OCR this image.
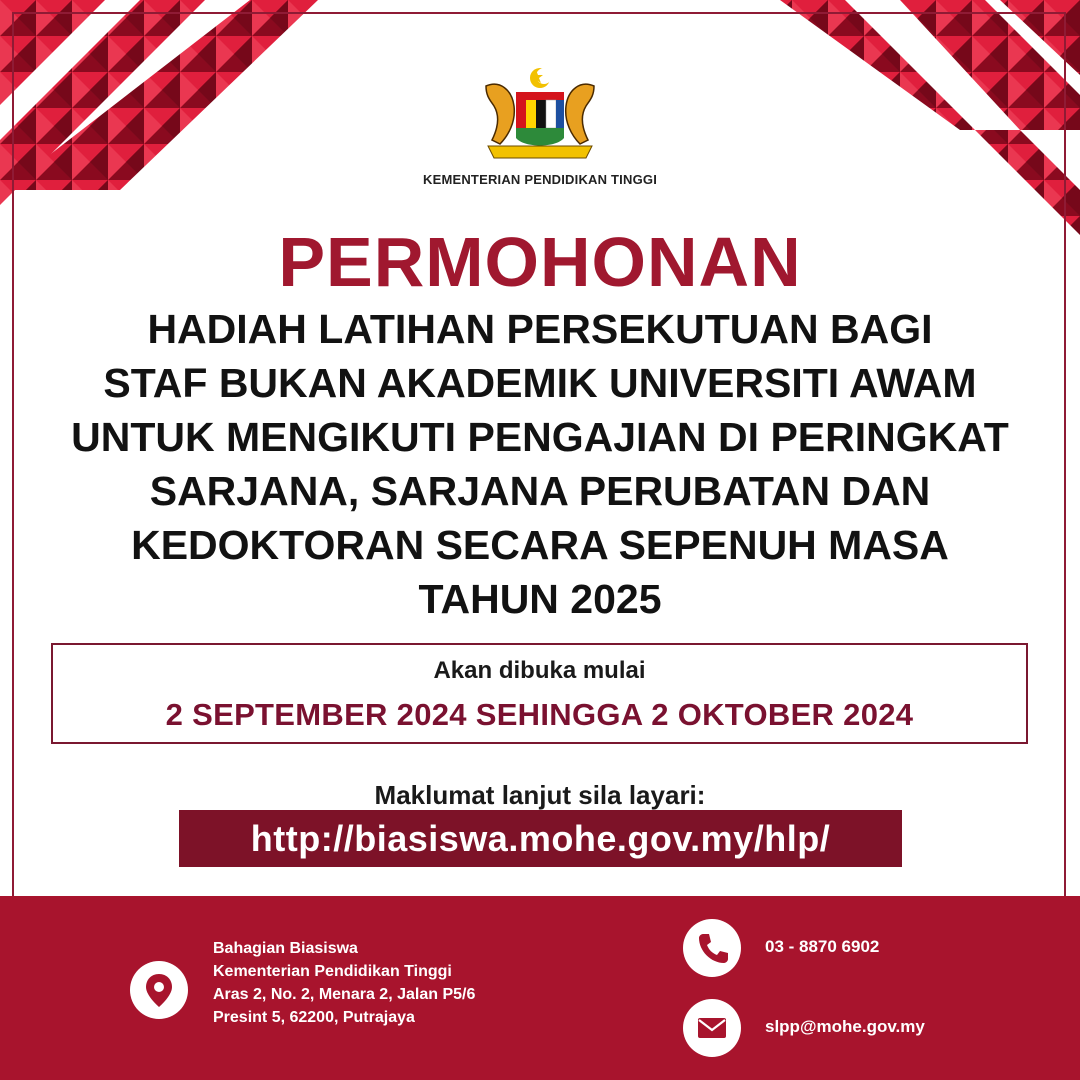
KEMENTERIAN PENDIDIKAN TINGGI
PERMOHONAN
HADIAH LATIHAN PERSEKUTUAN BAGI
STAF BUKAN AKADEMIK UNIVERSITI AWAM
UNTUK MENGIKUTI PENGAJIAN DI PERINGKAT
SARJANA, SARJANA PERUBATAN DAN
KEDOKTORAN SECARA SEPENUH MASA
TAHUN 2025
Akan dibuka mulai
2 SEPTEMBER 2024 SEHINGGA 2 OKTOBER 2024
Maklumat lanjut sila layari:
http://biasiswa.mohe.gov.my/hlp/
Bahagian Biasiswa
Kementerian Pendidikan Tinggi
Aras 2, No. 2, Menara 2, Jalan P5/6
Presint 5, 62200, Putrajaya
03 - 8870 6902
slpp@mohe.gov.my
